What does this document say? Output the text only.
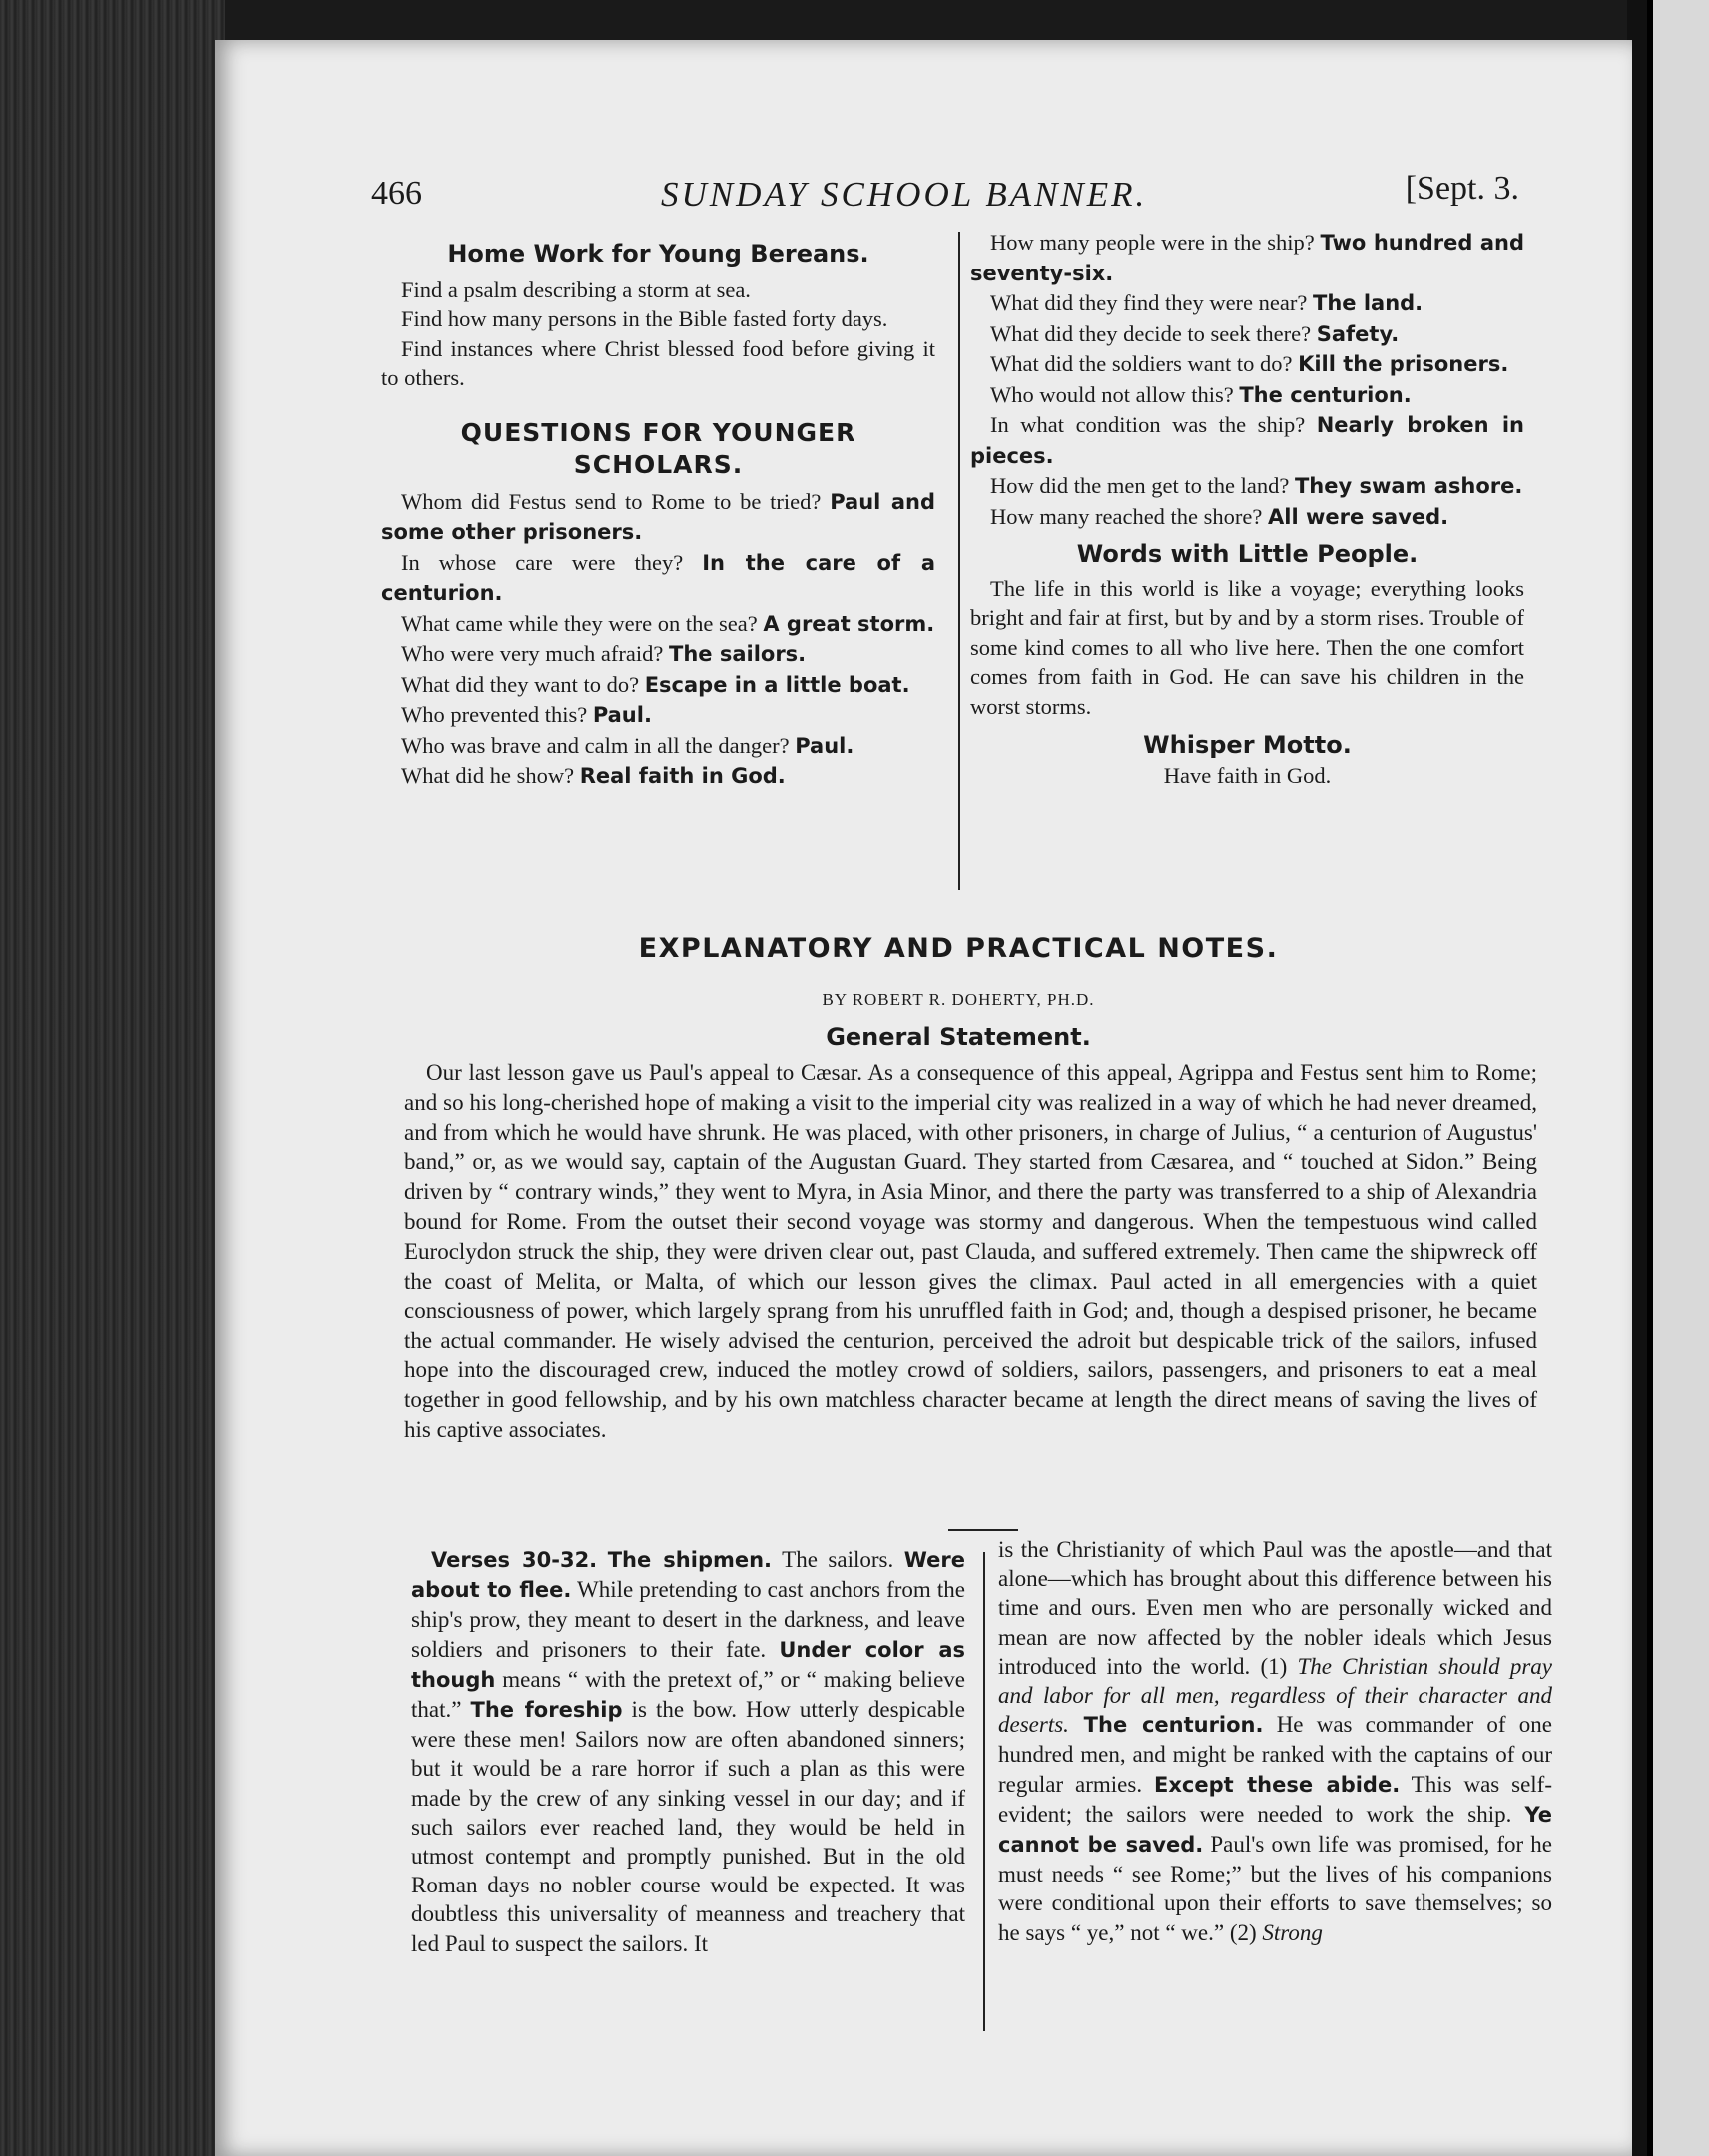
466	SUNDAY SCHOOL BANNER.	[Sept. 3.

Home Work for Young Bereans.

Find a psalm describing a storm at sea.

Find how many persons in the Bible fasted forty days.

Find instances where Christ blessed food before giving it to others.

QUESTIONS FOR YOUNGER SCHOLARS.

Whom did Festus send to Rome to be tried? Paul and some other prisoners.

In whose care were they? In the care of a centurion.

What came while they were on the sea? A great storm.

Who were very much afraid? The sailors.

What did they want to do? Escape in a little boat.

Who prevented this? Paul.

Who was brave and calm in all the danger? Paul.

What did he show? Real faith in God.

How many people were in the ship? Two hundred and seventy-six.

What did they find they were near? The land.

What did they decide to seek there? Safety.

What did the soldiers want to do? Kill the prisoners.

Who would not allow this? The centurion.

In what condition was the ship? Nearly broken in pieces.

How did the men get to the land? They swam ashore.

How many reached the shore? All were saved.

Words with Little People.

The life in this world is like a voyage; everything looks bright and fair at first, but by and by a storm rises. Trouble of some kind comes to all who live here. Then the one comfort comes from faith in God. He can save his children in the worst storms.

Whisper Motto.

Have faith in God.

EXPLANATORY AND PRACTICAL NOTES.
BY ROBERT R. DOHERTY, PH.D.
General Statement.

Our last lesson gave us Paul's appeal to Cæsar. As a consequence of this appeal, Agrippa and Festus sent him to Rome; and so his long-cherished hope of making a visit to the imperial city was realized in a way of which he had never dreamed, and from which he would have shrunk. He was placed, with other prisoners, in charge of Julius, “ a centurion of Augustus' band,” or, as we would say, captain of the Augustan Guard. They started from Cæsarea, and “ touched at Sidon.” Being driven by “ contrary winds,” they went to Myra, in Asia Minor, and there the party was transferred to a ship of Alexandria bound for Rome. From the outset their second voyage was stormy and dangerous. When the tempestuous wind called Euroclydon struck the ship, they were driven clear out, past Clauda, and suffered extremely. Then came the shipwreck off the coast of Melita, or Malta, of which our lesson gives the climax. Paul acted in all emergencies with a quiet consciousness of power, which largely sprang from his unruffled faith in God; and, though a despised prisoner, he became the actual commander. He wisely advised the centurion, perceived the adroit but despicable trick of the sailors, infused hope into the discouraged crew, induced the motley crowd of soldiers, sailors, passengers, and prisoners to eat a meal together in good fellowship, and by his own matchless character became at length the direct means of saving the lives of his captive associates.

Verses 30-32. The shipmen. The sailors. Were about to flee. While pretending to cast anchors from the ship's prow, they meant to desert in the darkness, and leave soldiers and prisoners to their fate. Under color as though means “ with the pretext of,” or “ making believe that.” The foreship is the bow. How utterly despicable were these men! Sailors now are often abandoned sinners; but it would be a rare horror if such a plan as this were made by the crew of any sinking vessel in our day; and if such sailors ever reached land, they would be held in utmost contempt and promptly punished. But in the old Roman days no nobler course would be expected. It was doubtless this universality of meanness and treachery that led Paul to suspect the sailors. It

is the Christianity of which Paul was the apostle—and that alone—which has brought about this difference between his time and ours. Even men who are personally wicked and mean are now affected by the nobler ideals which Jesus introduced into the world. (1) The Christian should pray and labor for all men, regardless of their character and deserts. The centurion. He was commander of one hundred men, and might be ranked with the captains of our regular armies. Except these abide. This was self-evident; the sailors were needed to work the ship. Ye cannot be saved. Paul's own life was promised, for he must needs “ see Rome;” but the lives of his companions were conditional upon their efforts to save themselves; so he says “ ye,” not “ we.” (2) Strong
